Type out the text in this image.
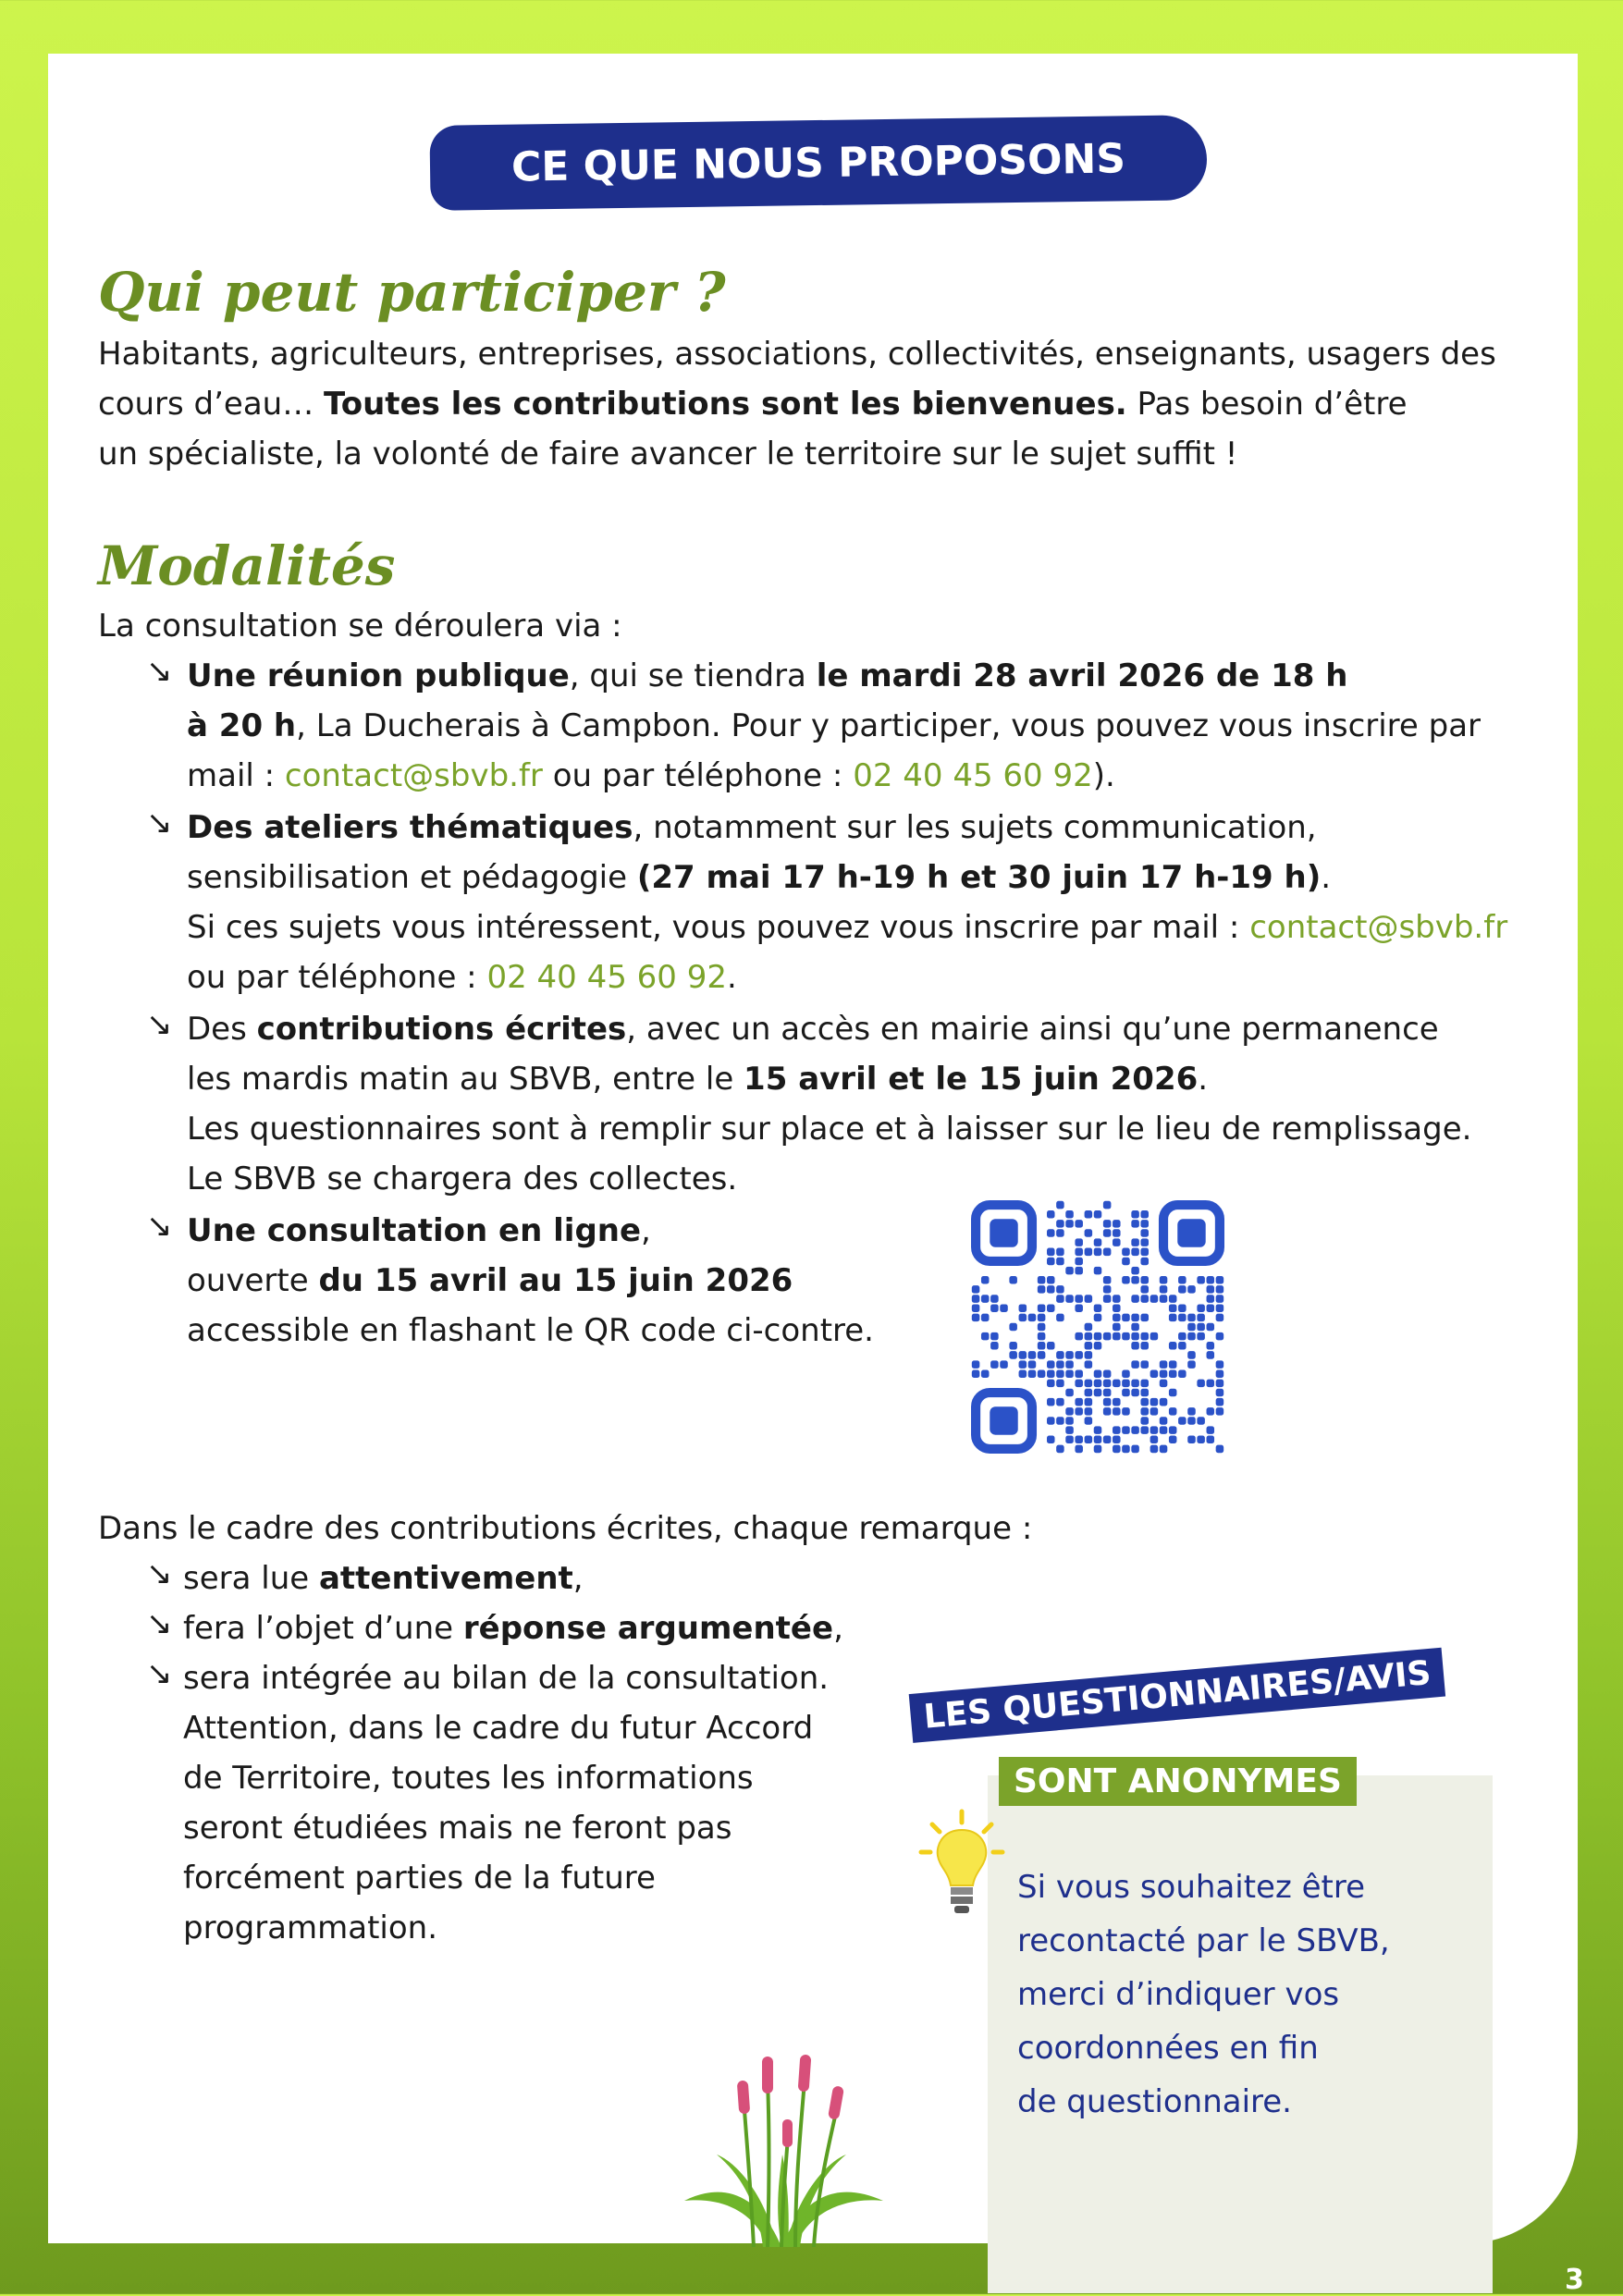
CE QUE NOUS PROPOSONS
Qui peut participer ?

Habitants, agriculteurs, entreprises, associations, collectivités, enseignants, usagers des

cours d’eau… Toutes les contributions sont les bienvenues. Pas besoin d’être

un spécialiste, la volonté de faire avancer le territoire sur le sujet suffit !

Modalités
La consultation se déroulera via :
↘ Une réunion publique, qui se tiendra le mardi 28 avril 2026 de 18 h

à 20 h, La Ducherais à Campbon. Pour y participer, vous pouvez vous inscrire par

mail : contact@sbvb.fr ou par téléphone : 02 40 45 60 92).

↘ Des ateliers thématiques, notamment sur les sujets communication,

sensibilisation et pédagogie (27 mai 17 h-19 h et 30 juin 17 h-19 h).

Si ces sujets vous intéressent, vous pouvez vous inscrire par mail : contact@sbvb.fr

ou par téléphone : 02 40 45 60 92.

↘ Des contributions écrites, avec un accès en mairie ainsi qu’une permanence

les mardis matin au SBVB, entre le 15 avril et le 15 juin 2026.

Les questionnaires sont à remplir sur place et à laisser sur le lieu de remplissage.

Le SBVB se chargera des collectes.

↘ Une consultation en ligne,

ouverte du 15 avril au 15 juin 2026

accessible en flashant le QR code ci-contre.

Dans le cadre des contributions écrites, chaque remarque :
↘ sera lue attentivement,
↘ fera l’objet d’une réponse argumentée,
↘ sera intégrée au bilan de la consultation.

Attention, dans le cadre du futur Accord

de Territoire, toutes les informations

seront étudiées mais ne feront pas

forcément parties de la future

programmation.

LES QUESTIONNAIRES/AVIS
SONT ANONYMES
Si vous souhaitez être
recontacté par le SBVB,
merci d’indiquer vos
coordonnées en fin
de questionnaire.
3
